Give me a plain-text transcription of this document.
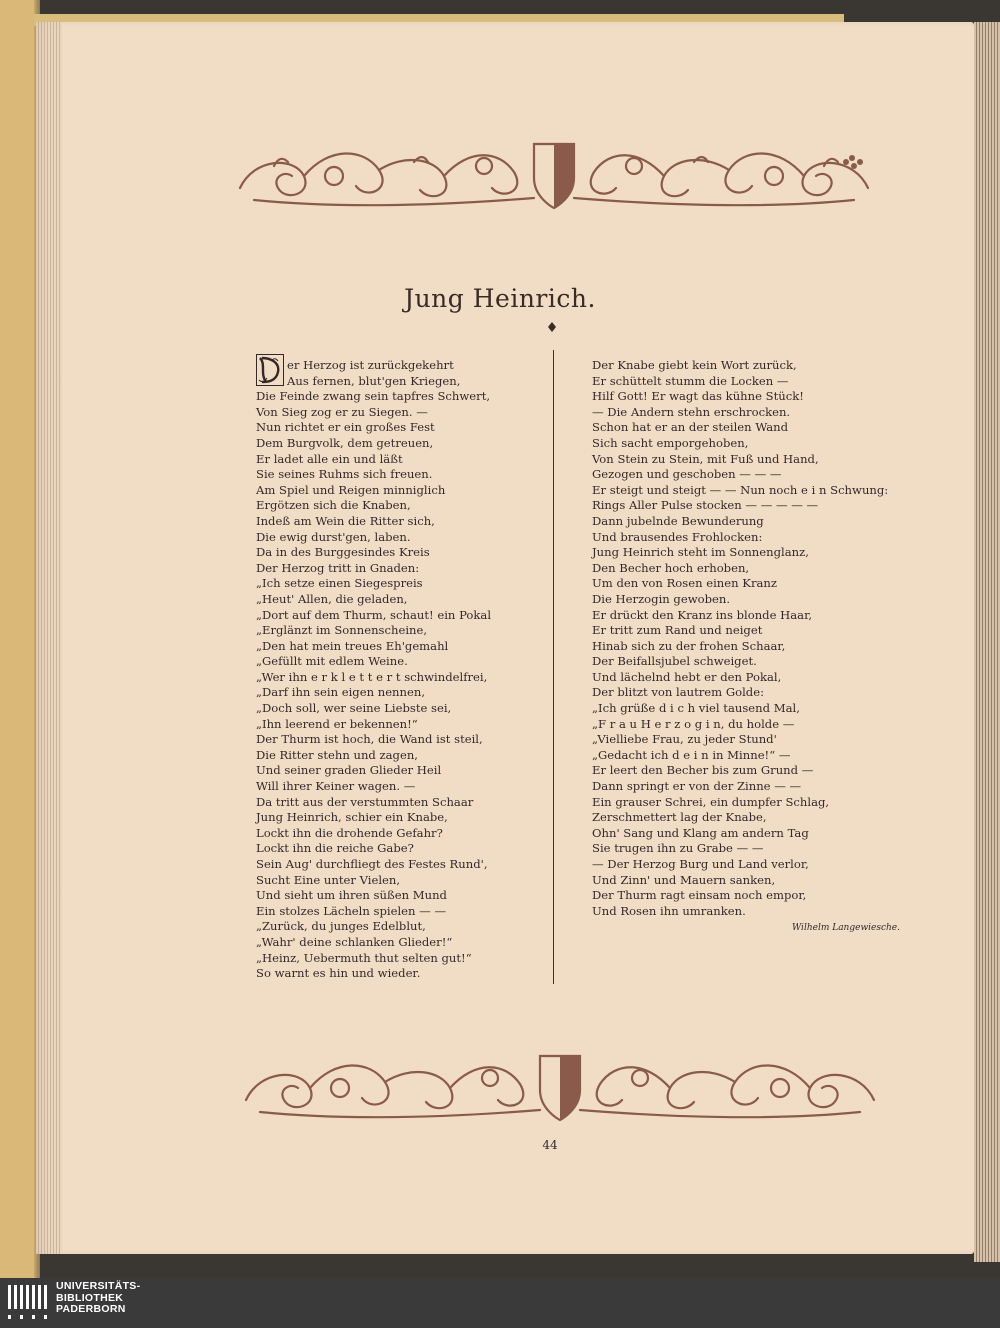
Jung Heinrich.
er Herzog ist zurückgekehrt
Aus fernen, blut'gen Kriegen,
Die Feinde zwang sein tapfres Schwert,
Von Sieg zog er zu Siegen. —
Nun richtet er ein großes Fest
Dem Burgvolk, dem getreuen,
Er ladet alle ein und läßt
Sie seines Ruhms sich freuen.
Am Spiel und Reigen minniglich
Ergötzen sich die Knaben,
Indeß am Wein die Ritter sich,
Die ewig durst'gen, laben.
Da in des Burggesindes Kreis
Der Herzog tritt in Gnaden:
„Ich setze einen Siegespreis
„Heut' Allen, die geladen,
„Dort auf dem Thurm, schaut! ein Pokal
„Erglänzt im Sonnenscheine,
„Den hat mein treues Eh'gemahl
„Gefüllt mit edlem Weine.
„Wer ihn e r k l e t t e r t schwindelfrei,
„Darf ihn sein eigen nennen,
„Doch soll, wer seine Liebste sei,
„Ihn leerend er bekennen!“
Der Thurm ist hoch, die Wand ist steil,
Die Ritter stehn und zagen,
Und seiner graden Glieder Heil
Will ihrer Keiner wagen. —
Da tritt aus der verstummten Schaar
Jung Heinrich, schier ein Knabe,
Lockt ihn die drohende Gefahr?
Lockt ihn die reiche Gabe?
Sein Aug' durchfliegt des Festes Rund',
Sucht Eine unter Vielen,
Und sieht um ihren süßen Mund
Ein stolzes Lächeln spielen — —
„Zurück, du junges Edelblut,
„Wahr' deine schlanken Glieder!“
„Heinz, Uebermuth thut selten gut!“
So warnt es hin und wieder.
Der Knabe giebt kein Wort zurück,
Er schüttelt stumm die Locken —
Hilf Gott! Er wagt das kühne Stück!
— Die Andern stehn erschrocken.
Schon hat er an der steilen Wand
Sich sacht emporgehoben,
Von Stein zu Stein, mit Fuß und Hand,
Gezogen und geschoben — — —
Er steigt und steigt — — Nun noch e i n Schwung:
Rings Aller Pulse stocken — — — — —
Dann jubelnde Bewunderung
Und brausendes Frohlocken:
Jung Heinrich steht im Sonnenglanz,
Den Becher hoch erhoben,
Um den von Rosen einen Kranz
Die Herzogin gewoben.
Er drückt den Kranz ins blonde Haar,
Er tritt zum Rand und neiget
Hinab sich zu der frohen Schaar,
Der Beifallsjubel schweiget.
Und lächelnd hebt er den Pokal,
Der blitzt von lautrem Golde:
„Ich grüße d i c h viel tausend Mal,
„F r a u H e r z o g i n, du holde —
„Vielliebe Frau, zu jeder Stund'
„Gedacht ich d e i n in Minne!“ —
Er leert den Becher bis zum Grund —
Dann springt er von der Zinne — —
Ein grauser Schrei, ein dumpfer Schlag,
Zerschmettert lag der Knabe,
Ohn' Sang und Klang am andern Tag
Sie trugen ihn zu Grabe — —
— Der Herzog Burg und Land verlor,
Und Zinn' und Mauern sanken,
Der Thurm ragt einsam noch empor,
Und Rosen ihn umranken.
Wilhelm Langewiesche.
44
UNIVERSITÄTS-
BIBLIOTHEK
PADERBORN
